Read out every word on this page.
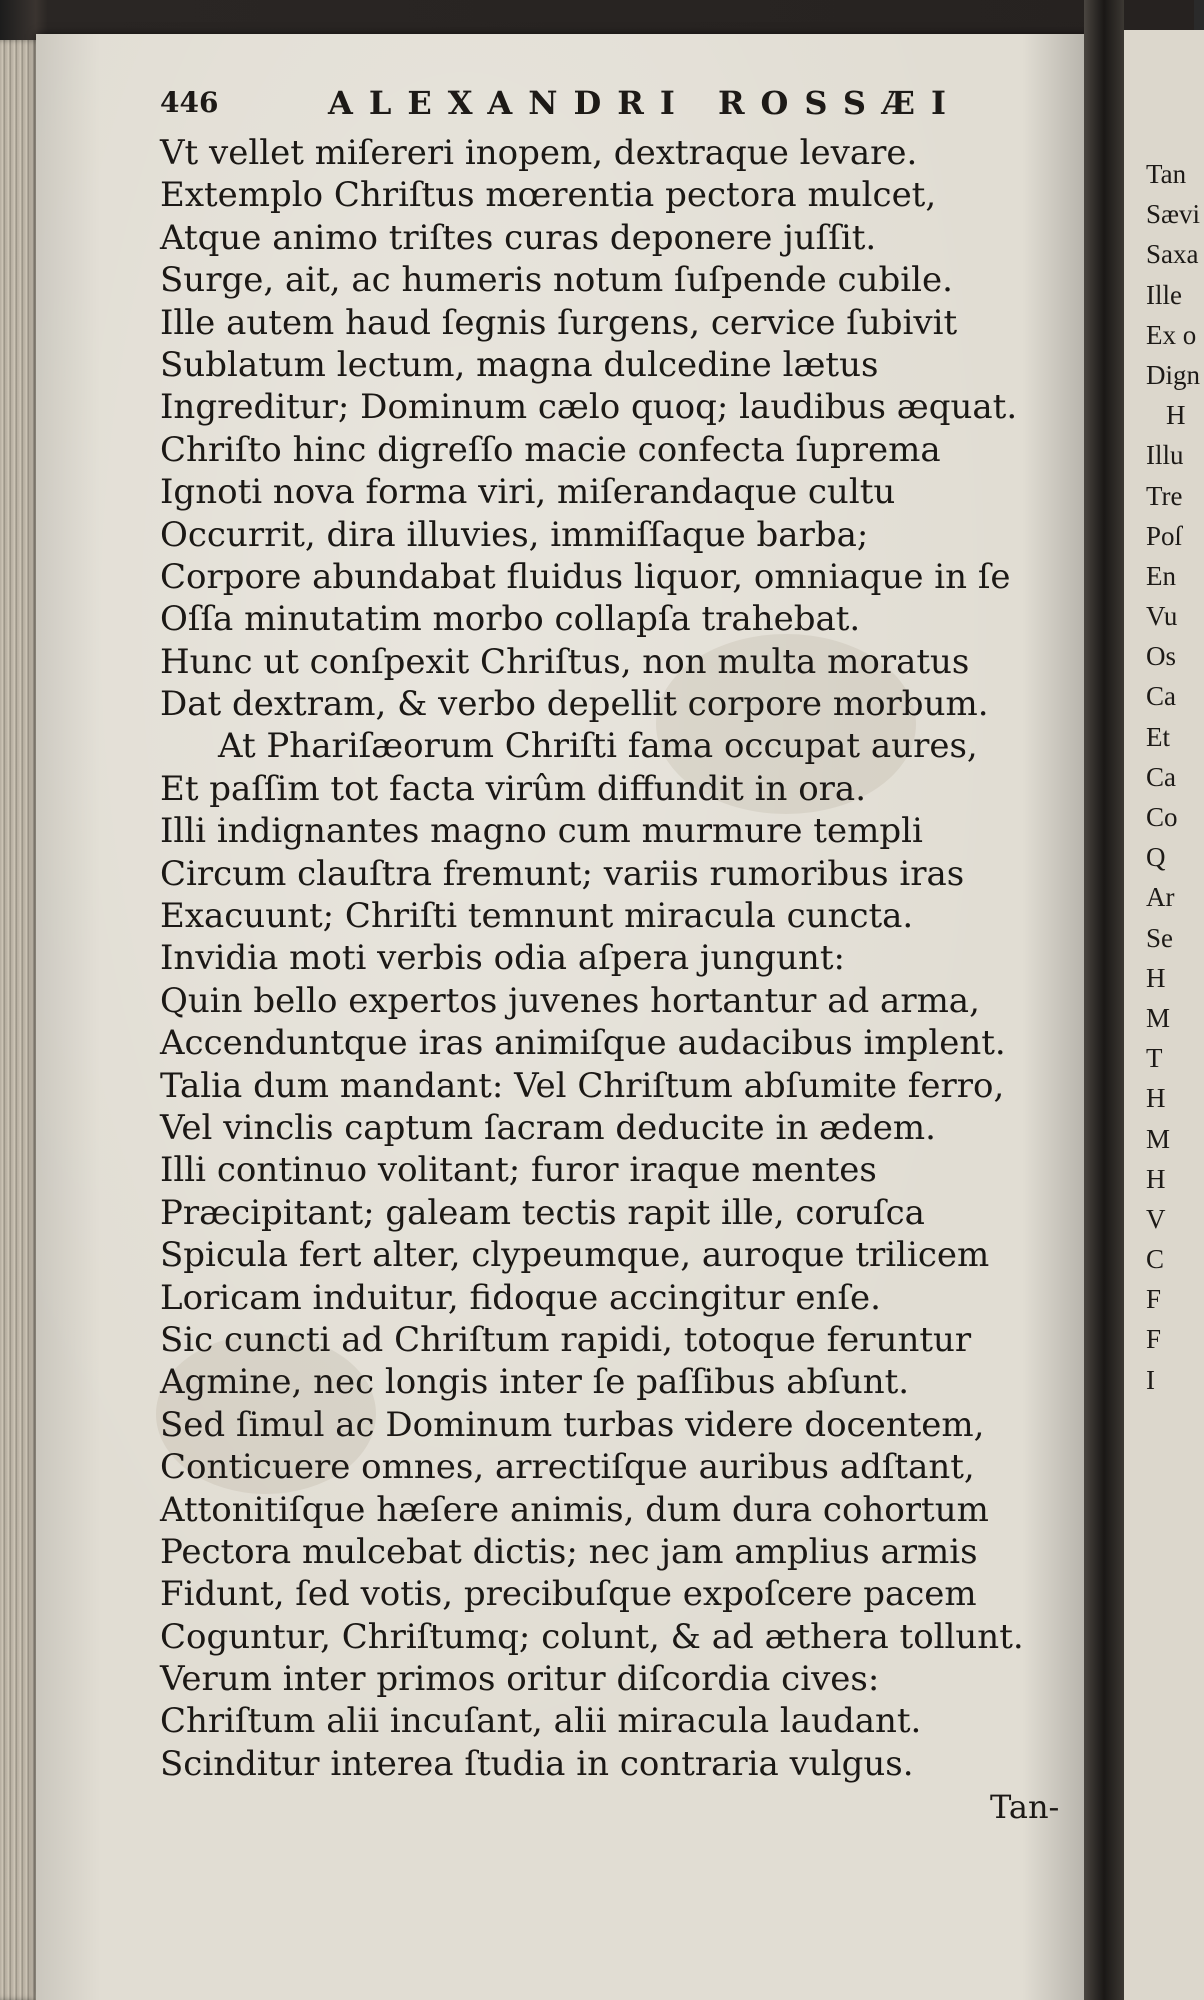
446	ALEXANDRI ROSSÆI
Vt vellet miſereri inopem, dextraque levare.
Extemplo Chriſtus mœrentia pectora mulcet,
Atque animo triſtes curas deponere juſſit.
Surge, ait, ac humeris notum ſuſpende cubile.
Ille autem haud ſegnis ſurgens, cervice ſubivit
Sublatum lectum, magna dulcedine lætus
Ingreditur; Dominum cælo quoq; laudibus æquat.
Chriſto hinc digreſſo macie confecta ſuprema
Ignoti nova forma viri, miſerandaque cultu
Occurrit, dira illuvies, immiſſaque barba;
Corpore abundabat fluidus liquor, omniaque in ſe
Oſſa minutatim morbo collapſa trahebat.
Hunc ut conſpexit Chriſtus, non multa moratus
Dat dextram, & verbo depellit corpore morbum.
At Phariſæorum Chriſti fama occupat aures,
Et paſſim tot facta virûm diffundit in ora.
Illi indignantes magno cum murmure templi
Circum clauſtra fremunt; variis rumoribus iras
Exacuunt; Chriſti temnunt miracula cuncta.
Invidia moti verbis odia aſpera jungunt:
Quin bello expertos juvenes hortantur ad arma,
Accenduntque iras animiſque audacibus implent.
Talia dum mandant: Vel Chriſtum abſumite ferro,
Vel vinclis captum ſacram deducite in ædem.
Illi continuo volitant; furor iraque mentes
Præcipitant; galeam tectis rapit ille, coruſca
Spicula fert alter, clypeumque, auroque trilicem
Loricam induitur, fidoque accingitur enſe.
Sic cuncti ad Chriſtum rapidi, totoque feruntur
Agmine, nec longis inter ſe paſſibus abſunt.
Sed ſimul ac Dominum turbas videre docentem,
Conticuere omnes, arrectiſque auribus adſtant,
Attonitiſque hæſere animis, dum dura cohortum
Pectora mulcebat dictis; nec jam amplius armis
Fidunt, ſed votis, precibuſque expoſcere pacem
Coguntur, Chriſtumq; colunt, & ad æthera tollunt.
Verum inter primos oritur diſcordia cives:
Chriſtum alii incuſant, alii miracula laudant.
Scinditur interea ſtudia in contraria vulgus.
Tan-
Tan
Sævi
Saxa
Ille
Ex o
Dign
H
Illu
Tre
Poſ
En
Vu
Os
Ca
Et
Ca
Co
Q
Ar
Se
H
M
T
H
M
H
V
C
F
F
I
